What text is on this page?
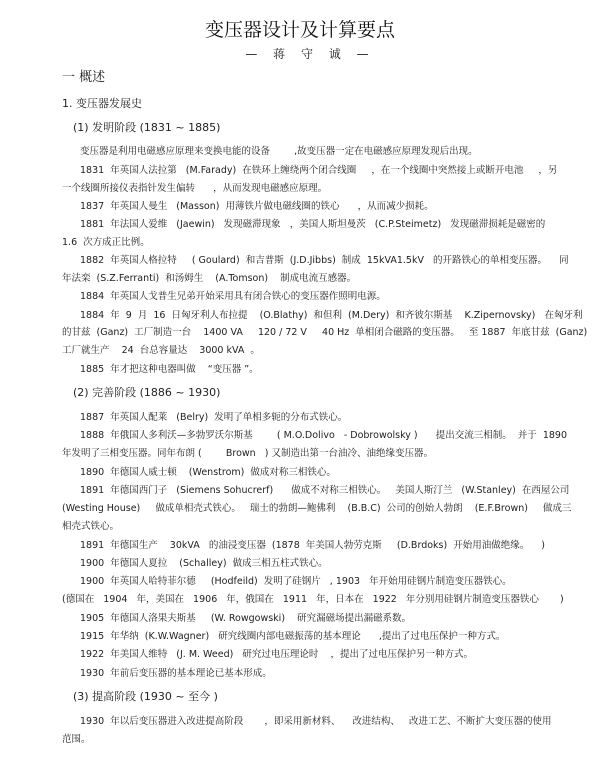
变压器设计及计算要点
— 蒋 守 诚 —
一 概述
1. 变压器发展史
(1) 发明阶段 (1831 ~ 1885)
变压器是利用电磁感应原理来变换电能的设备        ,故变压器一定在电磁感应原理发现后出现。
1831  年英国人法拉第   (M.Farady)  在铁环上缠绕两个闭合线圈     ，在一个线圈中突然接上或断开电池     ，另
一个线圈所接仪表指针发生偏转      ，从而发现电磁感应原理。
1837  年英国人曼生   (Masson)  用薄铁片做电磁线圈的铁心      ，从而减少损耗。
1881  年法国人爱维   (Jaewin)   发现磁滞现象   ，美国人斯坦曼茨   (C.P.Steimetz)   发现磁滞损耗是磁密的
1.6  次方成正比例。
1882  年英国人格拉特     ( Goulard)  和吉普斯  (J.D.Jibbs)  制成  15kVA1.5kV   的开路铁心的单相变压器。    同
年法栾  (S.Z.Ferranti)  和汤姆生    (A.Tomson)    制成电流互感器。
1884  年英国人戈普生兄弟开始采用具有闭合铁心的变压器作照明电源。
1884  年  9  月  16  日匈牙利人布拉提    (O.Blathy)  和但利  (M.Dery)  和齐彼尔斯基    K.Zipernovsky)   在匈牙利
的甘兹  (Ganz)  工厂制造一台    1400 VA     120 / 72 V     40 Hz  单相闭合磁路的变压器。   至 1887  年底甘兹  (Ganz)
工厂就生产    24  台总容量达    3000 kVA  。
1885  年才把这种电器叫做    “变压器 ”。
(2) 完善阶段 (1886 ~ 1930)
1887  年英国人配莱   (Belry)  发明了单相多轭的分布式铁心。
1888  年俄国人多利沃—多勃罗沃尔斯基        ( M.O.Dolivo   - Dobrowolsky )      提出交流三相制。  并于  1890
年发明了三相变压器。同年布朗 (        Brown   ) 又制造出第一台油冷、油绝缘变压器。
1890  年德国人威士顿    (Wenstrom)  做成对称三相铁心。
1891  年德国西门子   (Siemens Sohucrerf)      做成不对称三相铁心。   美国人斯汀兰   (W.Stanley)  在西屋公司
(Westing House)     做成单相壳式铁心。   瑞士的勃朗—鲍佛利    (B.B.C)  公司的创始人勃朗    (E.F.Brown)     做成三
相壳式铁心。
1891  年德国生产    30kVA   的油浸变压器  (1878  年美国人勃劳克斯     (D.Brdoks)  开始用油做绝缘。    )
1900  年德国人夏拉    (Schalley)  做成三相五柱式铁心。
1900  年英国人哈特菲尔德     (Hodfeild)  发明了硅钢片   , 1903   年开始用硅钢片制造变压器铁心。
(德国在   1904   年，美国在   1906   年，俄国在   1911   年，日本在   1922   年分别用硅钢片制造变压器铁心       )
1905  年德国人洛果夫斯基     (W. Rowgowski)    研究漏磁场提出漏磁系数。
1915  年华纳  (K.W.Wagner)   研究线圈内部电磁振荡的基本理论      ,提出了过电压保护一种方式。
1922  年美国人维特   (J. M. Weed)   研究过电压理论时    ，提出了过电压保护另一种方式。
1930  年前后变压器的基本理论已基本形成。
(3) 提高阶段 (1930 ~ 至今 )
1930  年以后变压器进入改进提高阶段       ，即采用新材料、    改进结构、   改进工艺、不断扩大变压器的使用
范围。
